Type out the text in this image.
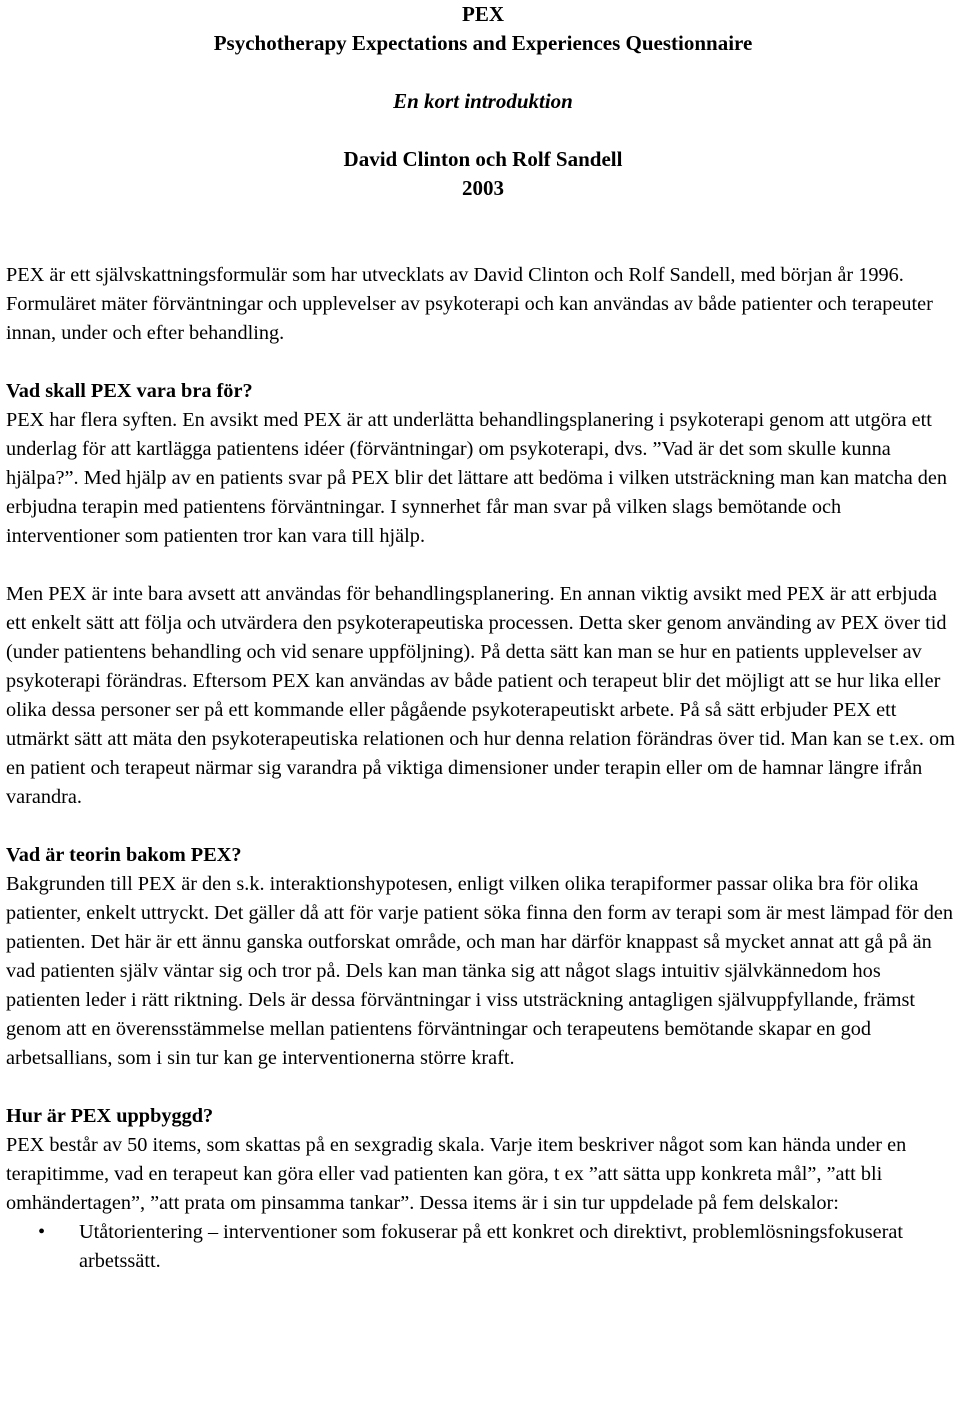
PEX

Psychotherapy Expectations and Experiences Questionnaire

En kort introduktion

David Clinton och Rolf Sandell

2003

PEX är ett självskattningsformulär som har utvecklats av David Clinton och Rolf Sandell, med början år 1996. Formuläret mäter förväntningar och upplevelser av psykoterapi och kan användas av både patienter och terapeuter innan, under och efter behandling.

Vad skall PEX vara bra för?

PEX har flera syften. En avsikt med PEX är att underlätta behandlingsplanering i psykoterapi genom att utgöra ett underlag för att kartlägga patientens idéer (förväntningar) om psykoterapi, dvs. ”Vad är det som skulle kunna hjälpa?”. Med hjälp av en patients svar på PEX blir det lättare att bedöma i vilken utsträckning man kan matcha den erbjudna terapin med patientens förväntningar. I synnerhet får man svar på vilken slags bemötande och interventioner som patienten tror kan vara till hjälp.

Men PEX är inte bara avsett att användas för behandlingsplanering. En annan viktig avsikt med PEX är att erbjuda ett enkelt sätt att följa och utvärdera den psykoterapeutiska processen. Detta sker genom använding av PEX över tid (under patientens behandling och vid senare uppföljning). På detta sätt kan man se hur en patients upplevelser av psykoterapi förändras. Eftersom PEX kan användas av både patient och terapeut blir det möjligt att se hur lika eller olika dessa personer ser på ett kommande eller pågående psykoterapeutiskt arbete. På så sätt erbjuder PEX ett utmärkt sätt att mäta den psykoterapeutiska relationen och hur denna relation förändras över tid. Man kan se t.ex. om en patient och terapeut närmar sig varandra på viktiga dimensioner under terapin eller om de hamnar längre ifrån varandra.

Vad är teorin bakom PEX?

Bakgrunden till PEX är den s.k. interaktionshypotesen, enligt vilken olika terapiformer passar olika bra för olika patienter, enkelt uttryckt. Det gäller då att för varje patient söka finna den form av terapi som är mest lämpad för den patienten. Det här är ett ännu ganska outforskat område, och man har därför knappast så mycket annat att gå på än vad patienten själv väntar sig och tror på. Dels kan man tänka sig att något slags intuitiv självkännedom hos patienten leder i rätt riktning. Dels är dessa förväntningar i viss utsträckning antagligen självuppfyllande, främst genom att en överensstämmelse mellan patientens förväntningar och terapeutens bemötande skapar en god arbetsallians, som i sin tur kan ge interventionerna större kraft.

Hur är PEX uppbyggd?

PEX består av 50 items, som skattas på en sexgradig skala. Varje item beskriver något som kan hända under en terapitimme, vad en terapeut kan göra eller vad patienten kan göra, t ex ”att sätta upp konkreta mål”, ”att bli omhändertagen”, ”att prata om pinsamma tankar”. Dessa items är i sin tur uppdelade på fem delskalor:

•	Utåtorientering – interventioner som fokuserar på ett konkret och direktivt, problemlösningsfokuserat arbetssätt.
